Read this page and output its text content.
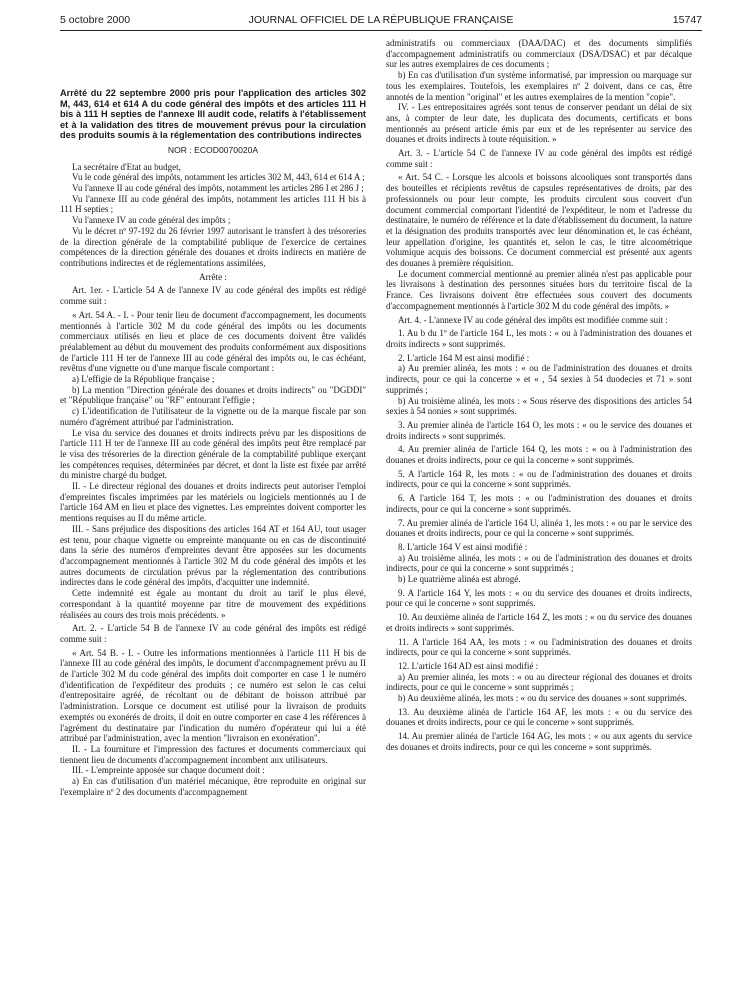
5 octobre 2000	JOURNAL OFFICIEL DE LA RÉPUBLIQUE FRANÇAISE	15747

Arrêté du 22 septembre 2000 pris pour l'application des articles 302 M, 443, 614 et 614 A du code général des impôts et des articles 111 H bis à 111 H septies de l'annexe III audit code, relatifs à l'établissement et à la validation des titres de mouvement prévus pour la circulation des produits soumis à la réglementation des contributions indirectes

NOR : ECOD0070020A

La secrétaire d'Etat au budget,

Vu le code général des impôts, notamment les articles 302 M, 443, 614 et 614 A ;

Vu l'annexe II au code général des impôts, notamment les articles 286 I et 286 J ;

Vu l'annexe III au code général des impôts, notamment les articles 111 H bis à 111 H septies ;

Vu l'annexe IV au code général des impôts ;

Vu le décret nº 97-192 du 26 février 1997 autorisant le transfert à des trésoreries de la direction générale de la comptabilité publique de l'exercice de certaines compétences de la direction générale des douanes et droits indirects en matière de contributions indirectes et de réglementations assimilées,

Arrête :

Art. 1er. - L'article 54 A de l'annexe IV au code général des impôts est rédigé comme suit :

« Art. 54 A. - I. - Pour tenir lieu de document d'accompagnement, les documents mentionnés à l'article 302 M du code général des impôts ou les documents commerciaux utilisés en lieu et place de ces documents doivent être validés préalablement au début du mouvement des produits conformément aux dispositions de l'article 111 H ter de l'annexe III au code général des impôts ou, le cas échéant, revêtus d'une vignette ou d'une marque fiscale comportant :

a) L'effigie de la République française ;

b) La mention "Direction générale des douanes et droits indirects" ou "DGDDI" et "République française" ou "RF" entourant l'effigie ;

c) L'identification de l'utilisateur de la vignette ou de la marque fiscale par son numéro d'agrément attribué par l'administration.

Le visa du service des douanes et droits indirects prévu par les dispositions de l'article 111 H ter de l'annexe III au code général des impôts peut être remplacé par le visa des trésoreries de la direction générale de la comptabilité publique exerçant les compétences requises, déterminées par décret, et dont la liste est fixée par arrêté du ministre chargé du budget.

II. - Le directeur régional des douanes et droits indirects peut autoriser l'emploi d'empreintes fiscales imprimées par les matériels ou logiciels mentionnés au I de l'article 164 AM en lieu et place des vignettes. Les empreintes doivent comporter les mentions requises au II du même article.

III. - Sans préjudice des dispositions des articles 164 AT et 164 AU, tout usager est tenu, pour chaque vignette ou empreinte manquante ou en cas de discontinuité dans la série des numéros d'empreintes devant être apposées sur les documents d'accompagnement mentionnés à l'article 302 M du code général des impôts et les autres documents de circulation prévus par la réglementation des contributions indirectes dans le code général des impôts, d'acquitter une indemnité.

Cette indemnité est égale au montant du droit au tarif le plus élevé, correspondant à la quantité moyenne par titre de mouvement des expéditions réalisées au cours des trois mois précédents. »

Art. 2. - L'article 54 B de l'annexe IV au code général des impôts est rédigé comme suit :

« Art. 54 B. - I. - Outre les informations mentionnées à l'article 111 H bis de l'annexe III au code général des impôts, le document d'accompagnement prévu au II de l'article 302 M du code général des impôts doit comporter en case 1 le numéro d'identification de l'expéditeur des produits ; ce numéro est selon le cas celui d'entrepositaire agréé, de récoltant ou de débitant de boisson attribué par l'administration. Lorsque ce document est utilisé pour la livraison de produits exemptés ou exonérés de droits, il doit en outre comporter en case 4 les références à l'agrément du destinataire par l'indication du numéro d'opérateur qui lui a été attribué par l'administration, avec la mention "livraison en exonération".

II. - La fourniture et l'impression des factures et documents commerciaux qui tiennent lieu de documents d'accompagnement incombent aux utilisateurs.

III. - L'empreinte apposée sur chaque document doit :

a) En cas d'utilisation d'un matériel mécanique, être reproduite en original sur l'exemplaire nº 2 des documents d'accompagnement

administratifs ou commerciaux (DAA/DAC) et des documents simplifiés d'accompagnement administratifs ou commerciaux (DSA/DSAC) et par décalque sur les autres exemplaires de ces documents ;

b) En cas d'utilisation d'un système informatisé, par impression ou marquage sur tous les exemplaires. Toutefois, les exemplaires nº 2 doivent, dans ce cas, être annotés de la mention "original" et les autres exemplaires de la mention "copie".

IV. - Les entrepositaires agréés sont tenus de conserver pendant un délai de six ans, à compter de leur date, les duplicata des documents, certificats et bons mentionnés au présent article émis par eux et de les représenter au service des douanes et droits indirects à toute réquisition. »

Art. 3. - L'article 54 C de l'annexe IV au code général des impôts est rédigé comme suit :

« Art. 54 C. - Lorsque les alcools et boissons alcooliques sont transportés dans des bouteilles et récipients revêtus de capsules représentatives de droits, par des professionnels ou pour leur compte, les produits circulent sous couvert d'un document commercial comportant l'identité de l'expéditeur, le nom et l'adresse du destinataire, le numéro de référence et la date d'établissement du document, la nature et la désignation des produits transportés avec leur dénomination et, le cas échéant, leur appellation d'origine, les quantités et, selon le cas, le titre alcoométrique volumique acquis des boissons. Ce document commercial est présenté aux agents des douanes à première réquisition.

Le document commercial mentionné au premier alinéa n'est pas applicable pour les livraisons à destination des personnes situées hors du territoire fiscal de la France. Ces livraisons doivent être effectuées sous couvert des documents d'accompagnement mentionnés à l'article 302 M du code général des impôts. »

Art. 4. - L'annexe IV au code général des impôts est modifiée comme suit :

1. Au b du 1º de l'article 164 L, les mots : « ou à l'administration des douanes et droits indirects » sont supprimés.

2. L'article 164 M est ainsi modifié :

a) Au premier alinéa, les mots : « ou de l'administration des douanes et droits indirects, pour ce qui la concerne » et « , 54 sexies à 54 duodecies et 71 » sont supprimés ;

b) Au troisième alinéa, les mots : « Sous réserve des dispositions des articles 54 sexies à 54 nonies » sont supprimés.

3. Au premier alinéa de l'article 164 O, les mots : « ou le service des douanes et droits indirects » sont supprimés.

4. Au premier alinéa de l'article 164 Q, les mots : « ou à l'administration des douanes et droits indirects, pour ce qui la concerne » sont supprimés.

5. A l'article 164 R, les mots : « ou de l'administration des douanes et droits indirects, pour ce qui la concerne » sont supprimés.

6. A l'article 164 T, les mots : « ou l'administration des douanes et droits indirects, pour ce qui la concerne » sont supprimés.

7. Au premier alinéa de l'article 164 U, alinéa 1, les mots : « ou par le service des douanes et droits indirects, pour ce qui la concerne » sont supprimés.

8. L'article 164 V est ainsi modifié :

a) Au troisième alinéa, les mots : « ou de l'administration des douanes et droits indirects, pour ce qui la concerne » sont supprimés ;

b) Le quatrième alinéa est abrogé.

9. A l'article 164 Y, les mots : « ou du service des douanes et droits indirects, pour ce qui le concerne » sont supprimés.

10. Au deuxième alinéa de l'article 164 Z, les mots : « ou du service des douanes et droits indirects » sont supprimés.

11. A l'article 164 AA, les mots : « ou l'administration des douanes et droits indirects, pour ce qui la concerne » sont supprimés.

12. L'article 164 AD est ainsi modifié :

a) Au premier alinéa, les mots : « ou au directeur régional des douanes et droits indirects, pour ce qui le concerne » sont supprimés ;

b) Au deuxième alinéa, les mots : « ou du service des douanes » sont supprimés.

13. Au deuxième alinéa de l'article 164 AF, les mots : « ou du service des douanes et droits indirects, pour ce qui le concerne » sont supprimés.

14. Au premier alinéa de l'article 164 AG, les mots : « ou aux agents du service des douanes et droits indirects, pour ce qui les concerne » sont supprimés.
